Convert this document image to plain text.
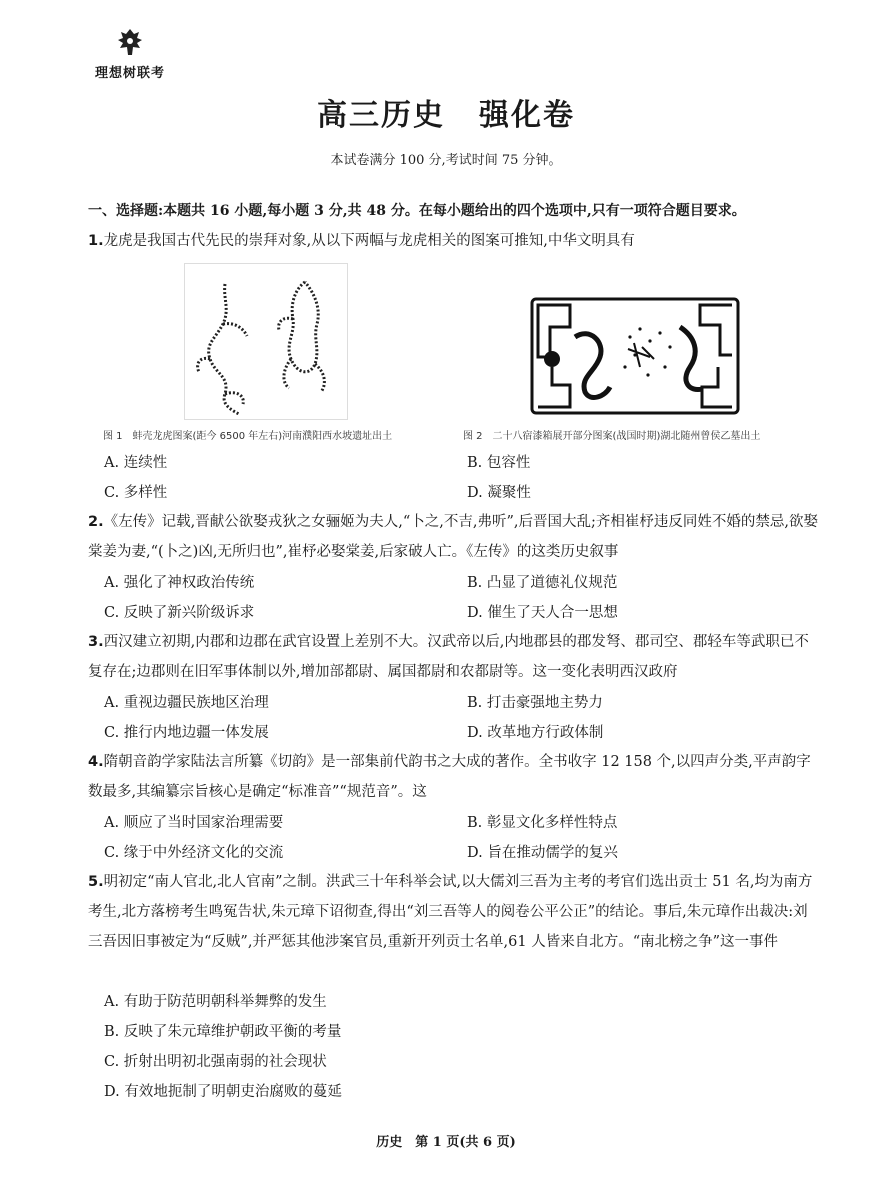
理想树联考
高三历史 强化卷
本试卷满分 100 分,考试时间 75 分钟。
一、选择题:本题共 16 小题,每小题 3 分,共 48 分。在每小题给出的四个选项中,只有一项符合题目要求。
1.龙虎是我国古代先民的崇拜对象,从以下两幅与龙虎相关的图案可推知,中华文明具有
图 1　蚌壳龙虎图案(距今 6500 年左右)河南濮阳西水坡遗址出土	图 2　二十八宿漆箱展开部分图案(战国时期)湖北随州曾侯乙墓出土
A. 连续性	B. 包容性
C. 多样性	D. 凝聚性
2.《左传》记载,晋献公欲娶戎狄之女骊姬为夫人,“卜之,不吉,弗听”,后晋国大乱;齐相崔杼违反同姓不婚的禁忌,欲娶棠姜为妻,“(卜之)凶,无所归也”,崔杼必娶棠姜,后家破人亡。《左传》的这类历史叙事
A. 强化了神权政治传统	B. 凸显了道德礼仪规范
C. 反映了新兴阶级诉求	D. 催生了天人合一思想
3.西汉建立初期,内郡和边郡在武官设置上差别不大。汉武帝以后,内地郡县的郡发弩、郡司空、郡轻车等武职已不复存在;边郡则在旧军事体制以外,增加部都尉、属国都尉和农都尉等。这一变化表明西汉政府
A. 重视边疆民族地区治理	B. 打击豪强地主势力
C. 推行内地边疆一体发展	D. 改革地方行政体制
4.隋朝音韵学家陆法言所纂《切韵》是一部集前代韵书之大成的著作。全书收字 12 158 个,以四声分类,平声韵字数最多,其编纂宗旨核心是确定“标准音”“规范音”。这
A. 顺应了当时国家治理需要	B. 彰显文化多样性特点
C. 缘于中外经济文化的交流	D. 旨在推动儒学的复兴
5.明初定“南人官北,北人官南”之制。洪武三十年科举会试,以大儒刘三吾为主考的考官们选出贡士 51 名,均为南方考生,北方落榜考生鸣冤告状,朱元璋下诏彻查,得出“刘三吾等人的阅卷公平公正”的结论。事后,朱元璋作出裁决:刘三吾因旧事被定为“反贼”,并严惩其他涉案官员,重新开列贡士名单,61 人皆来自北方。“南北榜之争”这一事件
A. 有助于防范明朝科举舞弊的发生
B. 反映了朱元璋维护朝政平衡的考量
C. 折射出明初北强南弱的社会现状
D. 有效地扼制了明朝吏治腐败的蔓延
历史　第 1 页(共 6 页)
